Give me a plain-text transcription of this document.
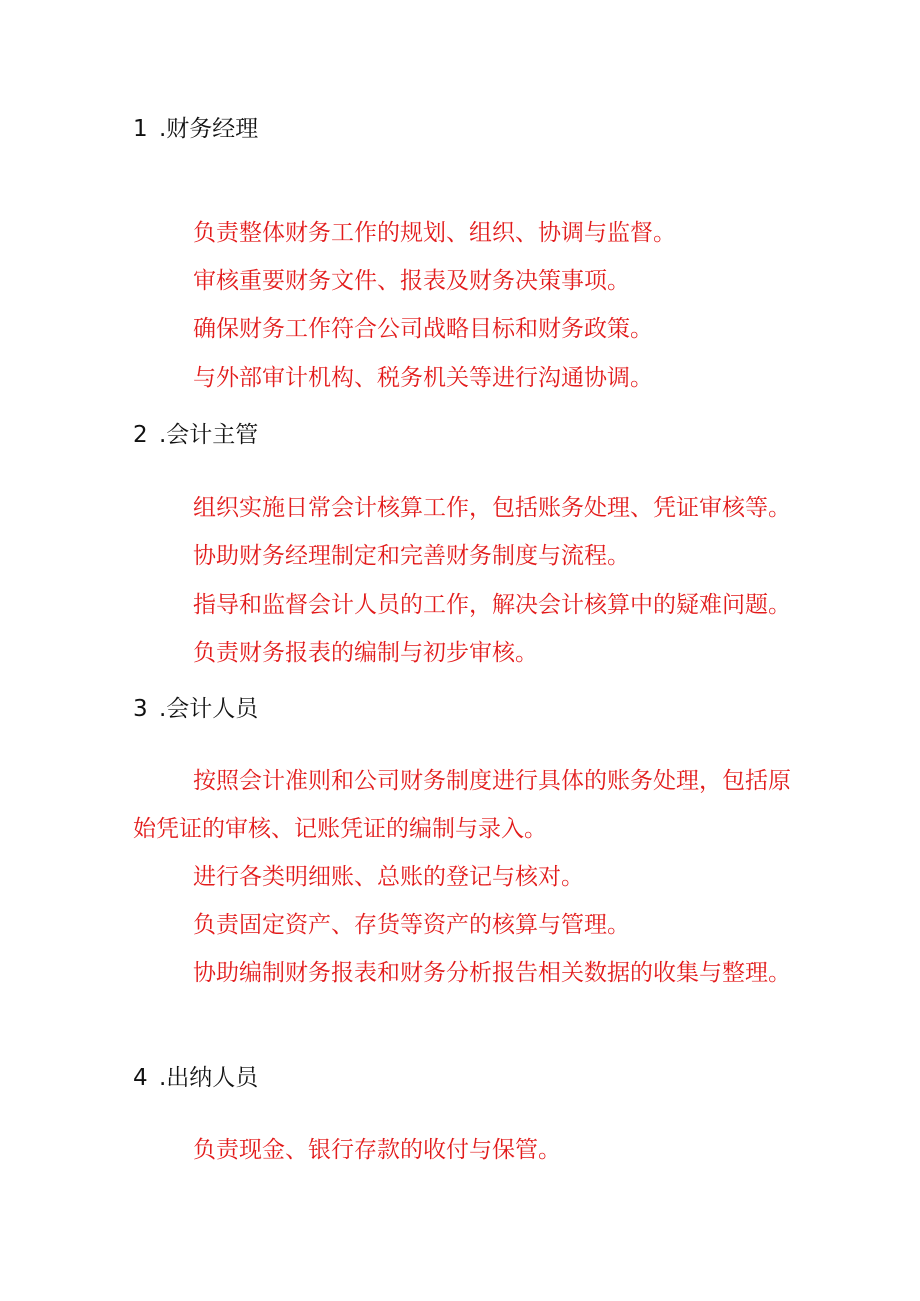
1 .财务经理
负责整体财务工作的规划、组织、协调与监督。
审核重要财务文件、报表及财务决策事项。
确保财务工作符合公司战略目标和财务政策。
与外部审计机构、税务机关等进行沟通协调。
2 .会计主管
组织实施日常会计核算工作，包括账务处理、凭证审核等。
协助财务经理制定和完善财务制度与流程。
指导和监督会计人员的工作，解决会计核算中的疑难问题。
负责财务报表的编制与初步审核。
3 .会计人员
按照会计准则和公司财务制度进行具体的账务处理，包括原始凭证的审核、记账凭证的编制与录入。
进行各类明细账、总账的登记与核对。
负责固定资产、存货等资产的核算与管理。
协助编制财务报表和财务分析报告相关数据的收集与整理。
4 .出纳人员
负责现金、银行存款的收付与保管。
